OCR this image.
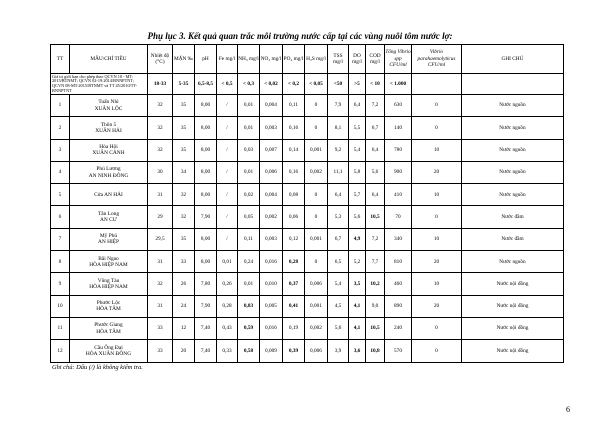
Phụ lục 3. Kết quả quan trắc môi trường nước cấp tại các vùng nuôi tôm nước lợ:
TT	MẪU\CHỈ TIÊU	Nhiệt độ (°C)	MẶN ‰	pH	Fe mg/l	NH₃ mg/l	NO₂ mg/l	PO₄ mg/l	H₂S mg/l	TSS mg/l	DO mg/l	COD mg/l	Tổng Vibrio spp CFU/ml	Vibrio parahaemolyticus CFU/ml	GHI CHÚ
Giá trị giới hạn cho phép theo QCVN 10 - MT: 2015/BTNMT; QCVN 02-19:2014/BNNPTNT; QCVN 08-MT:2015/BTNMT và TT 45/2010/TT-BNNPTNT		18-33	5-35	6,5-8,5	< 0,5	< 0,3	< 0,02	< 0,2	< 0,05	<50	>5	< 10	< 1.000		
1	Tuấn Nhì
XUÂN LỘC	32	35	8,00	/	0,01	0,004	0,11	0	7,9	6,4	7,2	630	0	Nước nguồn
2	Thôn 5
XUÂN HẢI	32	35	8,00	/	0,01	0,003	0,16	0	8,1	5,5	6,7	140	0	Nước nguồn
3	Hòa Hội
XUÂN CẢNH	32	35	8,00	/	0,03	0,007	0,14	0,001	9,2	5,4	6,4	780	10	Nước nguồn
4	Phú Lương
AN NINH ĐÔNG	30	34	8,00	/	0,01	0,006	0,16	0,002	11,1	5,8	5,6	900	20	Nước nguồn
5	Cửa AN HẢI	31	32	8,00	/	0,02	0,004	0,08	0	6,4	5,7	6,4	410	10	Nước nguồn
6	Tân Long
AN CƯ	29	32	7,90	/	0,05	0,002	0,06	0	5,3	5,6	10,5	70	0	Nước đầm
7	Mỹ Phú
AN HIỆP	29,5	35	8,00	/	0,11	0,003	0,12	0,001	6,7	4,9	7,2	340	10	Nước đầm
8	Bãi Ngao
HÒA HIỆP NAM	31	33	8,00	0,01	0,24	0,016	0,28	0	6,5	5,2	7,7	810	20	Nước nguồn
9	Vũng Tàu
HÒA HIỆP NAM	32	26	7,80	0,26	0,01	0,010	0,37	0,006	5,4	3,5	10,2	460	10	Nước nội đồng
10	Phước Lộc
HÒA TÂM	31	24	7,90	0,28	0,83	0,005	0,41	0,001	4,5	4,1	9,0	890	20	Nước nội đồng
11	Phước Giang
HÒA TÂM	33	12	7,40	0,43	0,59	0,016	0,19	0,002	5,6	4,1	10,5	240	0	Nước nội đồng
12	Cầu Ông Đại
HÒA XUÂN ĐÔNG	33	20	7,40	0,33	0,58	0,009	0,39	0,006	3,9	3,6	10,8	570	0	Nước nội đồng
Ghi chú: Dấu (/) là không kiểm tra.
6
